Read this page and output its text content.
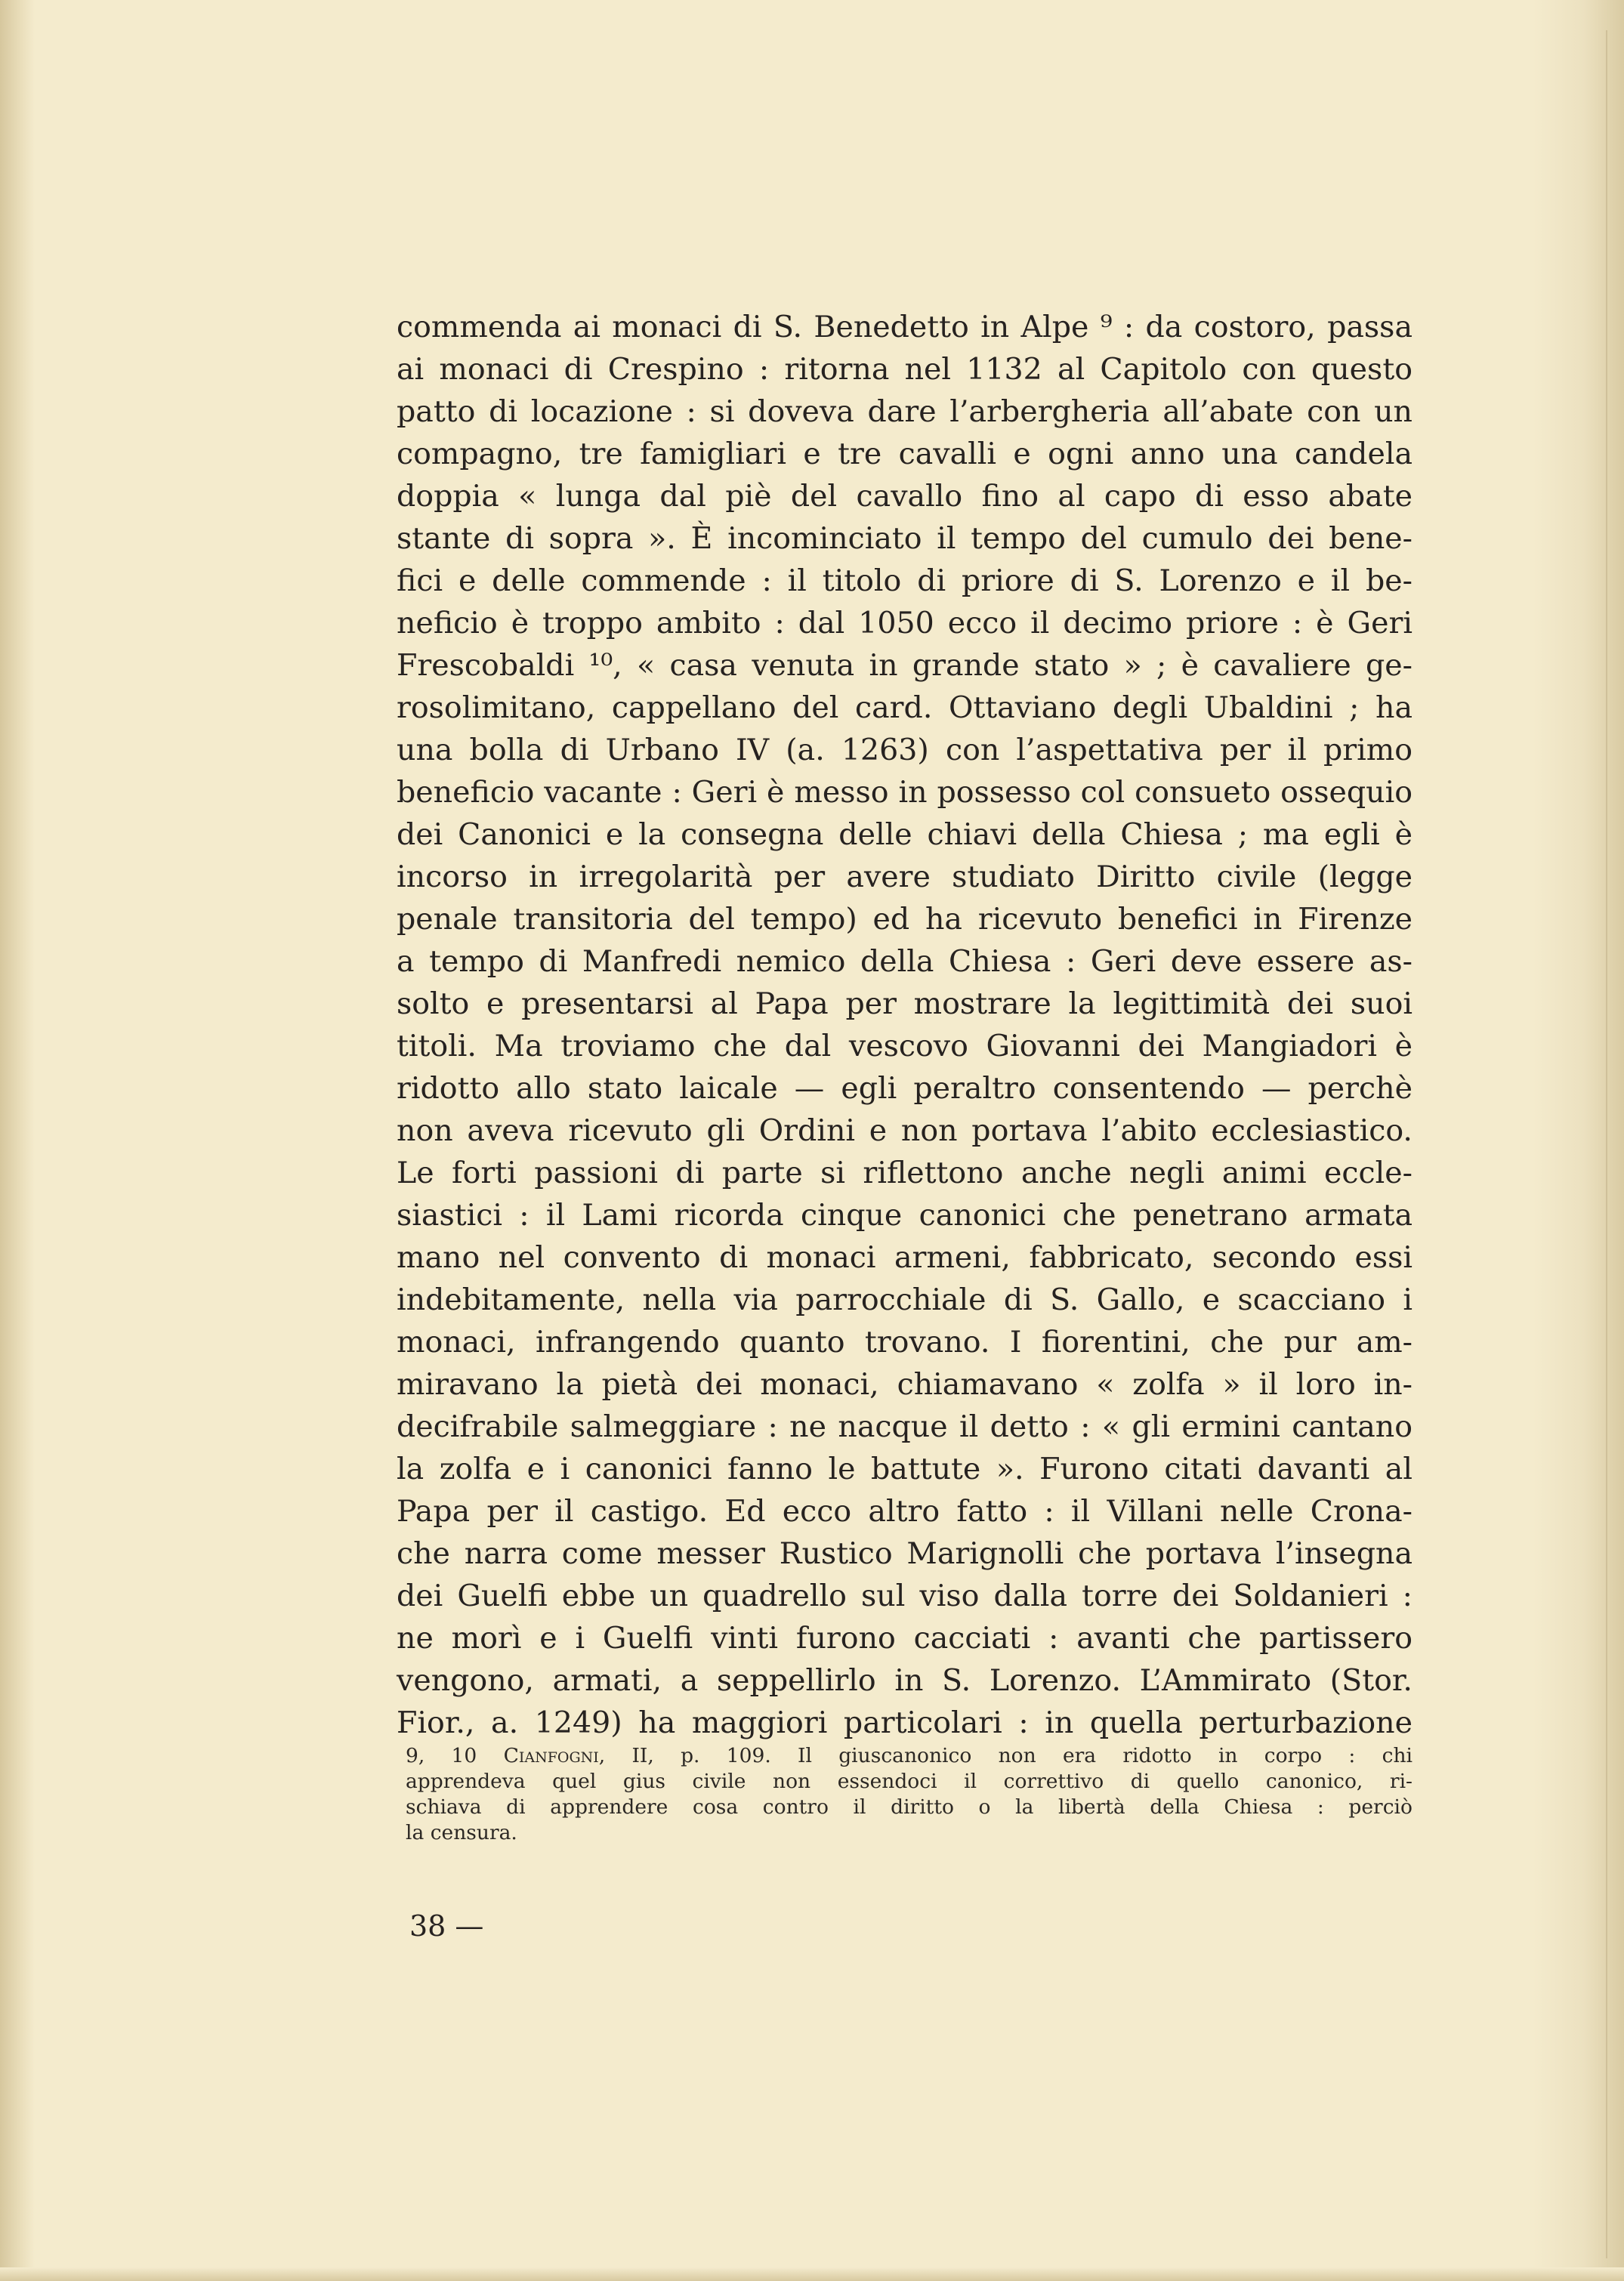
commenda ai monaci di S. Benedetto in Alpe ⁹ : da costoro, passa
ai monaci di Crespino : ritorna nel 1132 al Capitolo con questo
patto di locazione : si doveva dare l’arbergheria all’abate con un
compagno, tre famigliari e tre cavalli e ogni anno una candela
doppia « lunga dal piè del cavallo fino al capo di esso abate
stante di sopra ». È incominciato il tempo del cumulo dei bene-
fici e delle commende : il titolo di priore di S. Lorenzo e il be-
neficio è troppo ambito : dal 1050 ecco il decimo priore : è Geri
Frescobaldi ¹⁰, « casa venuta in grande stato » ; è cavaliere ge-
rosolimitano, cappellano del card. Ottaviano degli Ubaldini ; ha
una bolla di Urbano IV (a. 1263) con l’aspettativa per il primo
beneficio vacante : Geri è messo in possesso col consueto ossequio
dei Canonici e la consegna delle chiavi della Chiesa ; ma egli è
incorso in irregolarità per avere studiato Diritto civile (legge
penale transitoria del tempo) ed ha ricevuto benefici in Firenze
a tempo di Manfredi nemico della Chiesa : Geri deve essere as-
solto e presentarsi al Papa per mostrare la legittimità dei suoi
titoli. Ma troviamo che dal vescovo Giovanni dei Mangiadori è
ridotto allo stato laicale — egli peraltro consentendo — perchè
non aveva ricevuto gli Ordini e non portava l’abito ecclesiastico.
Le forti passioni di parte si riflettono anche negli animi eccle-
siastici : il Lami ricorda cinque canonici che penetrano armata
mano nel convento di monaci armeni, fabbricato, secondo essi
indebitamente, nella via parrocchiale di S. Gallo, e scacciano i
monaci, infrangendo quanto trovano. I fiorentini, che pur am-
miravano la pietà dei monaci, chiamavano « zolfa » il loro in-
decifrabile salmeggiare : ne nacque il detto : « gli ermini cantano
la zolfa e i canonici fanno le battute ». Furono citati davanti al
Papa per il castigo. Ed ecco altro fatto : il Villani nelle Crona-
che narra come messer Rustico Marignolli che portava l’insegna
dei Guelfi ebbe un quadrello sul viso dalla torre dei Soldanieri :
ne morì e i Guelfi vinti furono cacciati : avanti che partissero
vengono, armati, a seppellirlo in S. Lorenzo. L’Ammirato (Stor.
Fior., a. 1249) ha maggiori particolari : in quella perturbazione
9, 10 Cianfogni, II, p. 109. Il giuscanonico non era ridotto in corpo : chi
apprendeva quel gius civile non essendoci il correttivo di quello canonico, ri-
schiava di apprendere cosa contro il diritto o la libertà della Chiesa : perciò
la censura.
38 —
